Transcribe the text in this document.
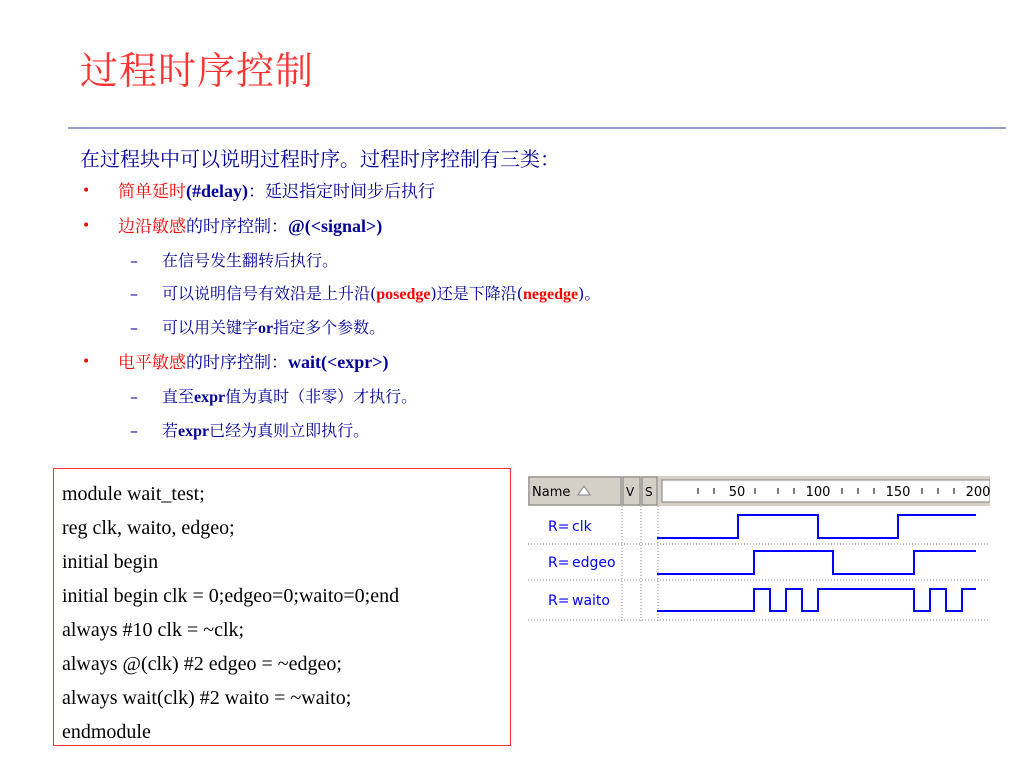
过程时序控制
在过程块中可以说明过程时序。过程时序控制有三类：
• 简单延时(#delay)：延迟指定时间步后执行
• 边沿敏感的时序控制：@(<signal>)
– 在信号发生翻转后执行。
– 可以说明信号有效沿是上升沿(posedge)还是下降沿(negedge)。
– 可以用关键字or指定多个参数。
• 电平敏感的时序控制：wait(<expr>)
– 直至expr值为真时（非零）才执行。
– 若expr已经为真则立即执行。
module wait_test;
reg clk, waito, edgeo;
initial begin
initial begin clk = 0;edgeo=0;waito=0;end
always #10 clk = ~clk;
always @(clk) #2 edgeo = ~edgeo;
always wait(clk) #2 waito = ~waito;
endmodule
Name	V S	50	100	150	200
R= clk
R= edgeo
R= waito
